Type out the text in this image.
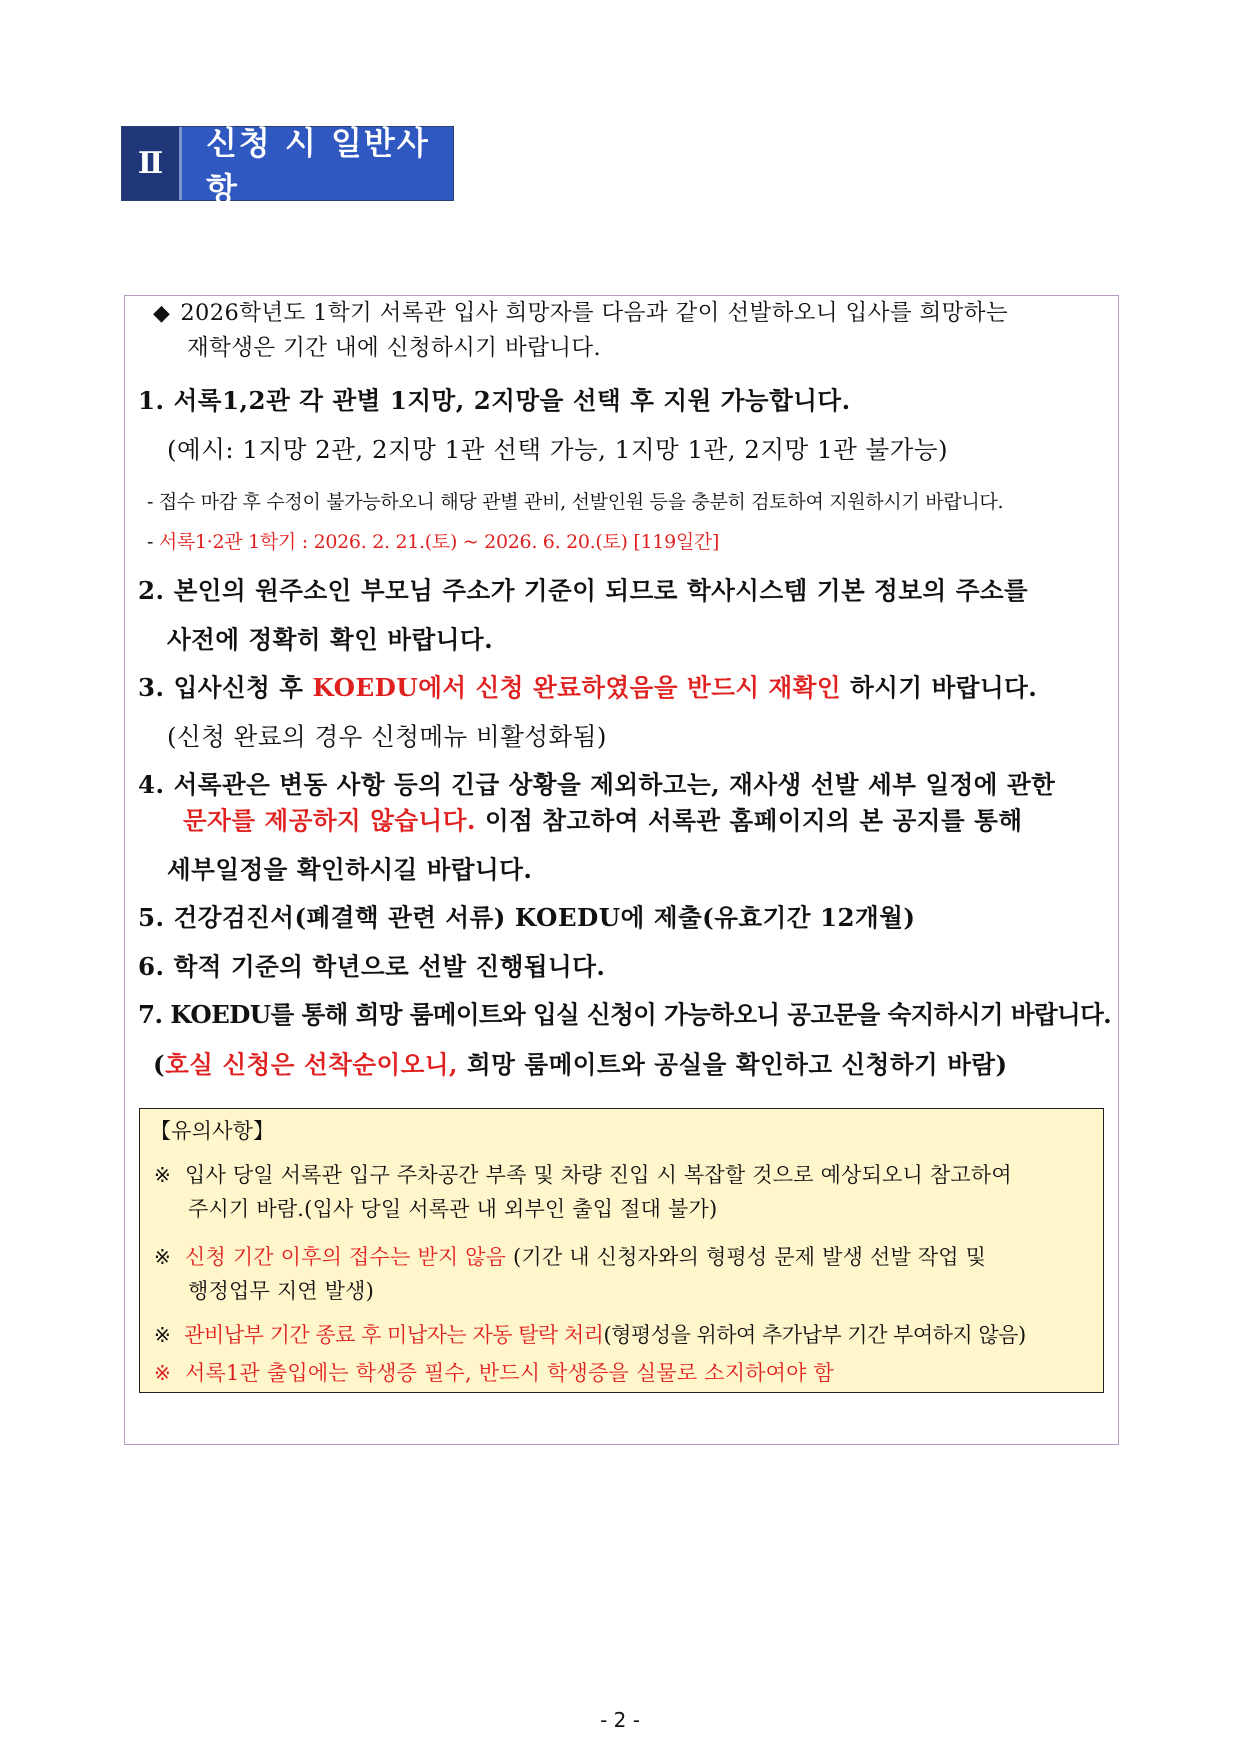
Ⅱ
신청 시 일반사항
◆ 2026학년도 1학기 서록관 입사 희망자를 다음과 같이 선발하오니 입사를 희망하는
재학생은 기간 내에 신청하시기 바랍니다.
1. 서록1,2관 각 관별 1지망, 2지망을 선택 후 지원 가능합니다.
(예시: 1지망 2관, 2지망 1관 선택 가능, 1지망 1관, 2지망 1관 불가능)
- 접수 마감 후 수정이 불가능하오니 해당 관별 관비, 선발인원 등을 충분히 검토하여 지원하시기 바랍니다.
- 서록1·2관 1학기 : 2026. 2. 21.(토) ~ 2026. 6. 20.(토) [119일간]
2. 본인의 원주소인 부모님 주소가 기준이 되므로 학사시스템 기본 정보의 주소를
사전에 정확히 확인 바랍니다.
3. 입사신청 후 KOEDU에서 신청 완료하였음을 반드시 재확인 하시기 바랍니다.
(신청 완료의 경우 신청메뉴 비활성화됨)
4. 서록관은 변동 사항 등의 긴급 상황을 제외하고는, 재사생 선발 세부 일정에 관한
문자를 제공하지 않습니다. 이점 참고하여 서록관 홈페이지의 본 공지를 통해
세부일정을 확인하시길 바랍니다.
5. 건강검진서(폐결핵 관련 서류) KOEDU에 제출(유효기간 12개월)
6. 학적 기준의 학년으로 선발 진행됩니다.
7. KOEDU를 통해 희망 룸메이트와 입실 신청이 가능하오니 공고문을 숙지하시기 바랍니다.
(호실 신청은 선착순이오니, 희망 룸메이트와 공실을 확인하고 신청하기 바람)
【유의사항】
※ 입사 당일 서록관 입구 주차공간 부족 및 차량 진입 시 복잡할 것으로 예상되오니 참고하여
주시기 바람.(입사 당일 서록관 내 외부인 출입 절대 불가)
※ 신청 기간 이후의 접수는 받지 않음 (기간 내 신청자와의 형평성 문제 발생 선발 작업 및
행정업무 지연 발생)
※ 관비납부 기간 종료 후 미납자는 자동 탈락 처리(형평성을 위하여 추가납부 기간 부여하지 않음)
※ 서록1관 출입에는 학생증 필수, 반드시 학생증을 실물로 소지하여야 함
- 2 -
